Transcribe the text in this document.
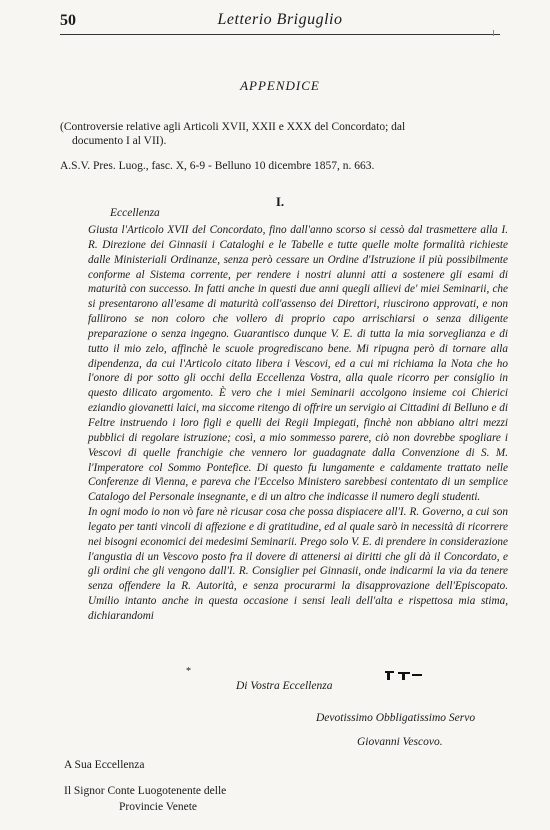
50	Letterio Briguglio
APPENDICE
(Controversie relative agli Articoli XVII, XXII e XXX del Concordato; dal
documento I al VII).
A.S.V. Pres. Luog., fasc. X, 6-9 - Belluno 10 dicembre 1857, n. 663.
I.
Eccellenza

Giusta l'Articolo XVII del Concordato, fino dall'anno scorso si cessò dal trasmettere alla I. R. Direzione dei Ginnasii i Cataloghi e le Tabelle e tutte quelle molte formalità richieste dalle Ministeriali Ordinanze, senza però cessare un Ordine d'Istruzione il più possibilmente conforme al Sistema corrente, per rendere i nostri alunni atti a sostenere gli esami di maturità con successo. In fatti anche in questi due anni quegli allievi de' miei Seminarii, che si presentarono all'esame di maturità coll'assenso dei Direttori, riuscirono approvati, e non fallirono se non coloro che vollero di proprio capo arrischiarsi o senza diligente preparazione o senza ingegno. Guarantisco dunque V. E. di tutta la mia sorveglianza e di tutto il mio zelo, affinchè le scuole progrediscano bene. Mi ripugna però di tornare alla dipendenza, da cui l'Articolo citato libera i Vescovi, ed a cui mi richiama la Nota che ho l'onore di por sotto gli occhi della Eccellenza Vostra, alla quale ricorro per consiglio in questo dilicato argomento. È vero che i miei Seminarii accolgono insieme coi Chierici eziandio giovanetti laici, ma siccome ritengo di offrire un servigio ai Cittadini di Belluno e di Feltre instruendo i loro figli e quelli dei Regii Impiegati, finchè non abbiano altri mezzi pubblici di regolare istruzione; così, a mio sommesso parere, ciò non dovrebbe spogliare i Vescovi di quelle franchigie che vennero lor guadagnate dalla Convenzione di S. M. l'Imperatore col Sommo Pontefice. Di questo fu lungamente e caldamente trattato nelle Conferenze di Vienna, e pareva che l'Eccelso Ministero sarebbesi contentato di un semplice Catalogo del Personale insegnante, e di un altro che indicasse il numero degli studenti.

In ogni modo io non vò fare nè ricusar cosa che possa dispiacere all'I. R. Governo, a cui son legato per tanti vincoli di affezione e di gratitudine, ed al quale sarò in necessità di ricorrere nei bisogni economici dei medesimi Seminarii. Prego solo V. E. di prendere in considerazione l'angustia di un Vescovo posto fra il dovere di attenersi ai diritti che gli dà il Concordato, e gli ordini che gli vengono dall'I. R. Consiglier pei Ginnasii, onde indicarmi la via da tenere senza offendere la R. Autorità, e senza procurarmi la disapprovazione dell'Episcopato. Umilio intanto anche in questa occasione i sensi leali dell'alta e rispettosa mia stima, dichiarandomi

*
Di Vostra Eccellenza
Devotissimo Obbligatissimo Servo
Giovanni Vescovo.
A Sua Eccellenza
Il Signor Conte Luogotenente delle
Provincie Venete
